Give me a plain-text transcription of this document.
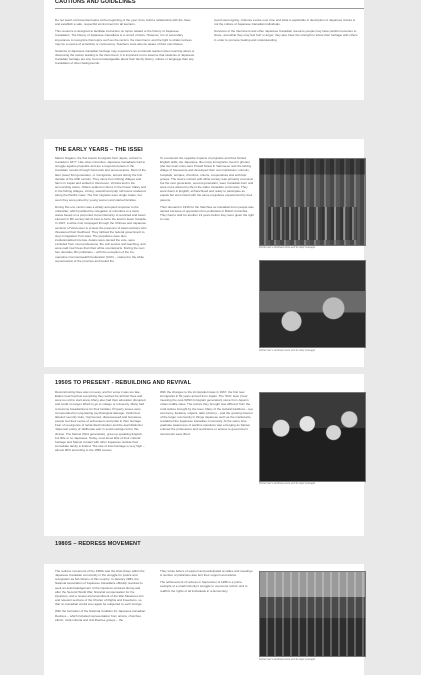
CAUTIONS AND GUIDELINES

Do not teach controversial topics at the beginning of the year. First, build a relationship with the class and establish a safe, respectful environment for all learners.

This resource is designed to facilitate instruction on topics related to the history of Japanese Canadians. The history of Japanese Canadians is a record of facts. However, it is of secondary importance to recognize that topics such as the racism, the internment, and the fight to obtain redress may be a source of sensitivity or controversy. Teachers must also be aware of their own biases.

Students of Japanese Canadian heritage may experience an emotional reaction when learning about or discussing the racism leading to the internment. It is important not to assume that students of Japanese Canadian heritage are any more knowledgeable about their family history, culture or language than any Canadians of other backgrounds.

Avoid stereotyping. Cultures evolve over time and what is applicable in description of Japanese culture is not the culture of Japanese Canadian individuals.

Survivors of the internment and other Japanese Canadian resource people may have painful memories to share, and while they may feel hurt or anger, they also have the strength to share their heritage with others in order to promote healing and understanding.

THE EARLY YEARS – THE ISSEI

Manzo Nagano, the first known immigrant from Japan, arrived in Canada in 1877. Like other minorities, Japanese Canadians had to struggle against prejudice and are a respected place in the Canadian mosaic through hard work and perseverance. Most of the later (issei) first generation, or immigrants, arrived during the first decade of the 20th century. They came from fishing villages and farms in Japan and settled in Vancouver, Victoria and in the surrounding towns. Others settled on farms in the Fraser Valley and in the fishing villages, mining, sawmill and pulp mill towns scattered along the Pacific coast. The first migrants were single males, but soon they were joined by young women and started families.

During this era, racism was a widely accepted response to the unfamiliar, which justified the relegation of minorities to a lower status based on a purported moral inferiority. A restricted and Asian element in BC society did its best to force the lead to leave Canada. In 1907, a white mob rampaged through the Chinese and Japanese sections of Vancouver to protest the presence of Asian workers who threatened their livelihood. They lobbied the federal government to stop immigration from Asia. The prejudices were also institutionalized into law. Asians were denied the vote, were excluded from most professions, the civil service and teaching, and were paid much less than their white counterparts. During the next four decades, BC politicians – with the exception of the Co-operative Commonwealth Federation (CCF) – catered to the white supremacists of the province and fueled the

To counteract the negative impacts of prejudice and their limited English skills, the Japanese, like many immigrants, lived in ghettos (the two main ones were Powell Street in Vancouver and the fishing village of Steveston) and developed their own institutions: schools, hospitals, temples, churches, unions, cooperatives and self-help groups. The Issei's contact with white society was primarily economic but the next generation, second generation, were Canadian-born and were more attuned to life in the wider Canadian community. They were fluent in English, enfranchised and ready to participate as equals but were faced with the same prejudices experienced by their parents.

Their demand in 1936 for the franchise as Canadian-born people was denied because of opposition from politicians in British Columbia. They had to wait for another 13 years before they were given the right to vote.

Fisherman's Hubbard store and its dept manager
Fisherman's Hubbard store and its dept manager
1950S TO PRESENT - REBUILDING AND REVIVAL

Reconstructing lives was not easy, and for some it was too late. Elders near had lost everything they worked for all their lives and were too old to start anew. Many also had their education disrupted and could no longer afford to go to college or university. Many had to become breadwinners for their families. Property losses were compounded by long-lasting psychological damage. Victimized, labeled 'security risks,' imprisoned, dispossessed and homeless, people lost their sense of self-esteem and pride in their heritage. Fear of resurgence of racial discrimination and the assimilationist 'dispersal' policy of 'deliberate ads' in social settings led to this shame. The Sansei (third generation), grew up speaking English, but little or no Japanese. Today, most know little of their cultural heritage and Sansei contact with other Japanese outside their immediate family is limited. The rate of intermarriage is very high – almost 90% according to the 1996 census.

With the changes to the immigration laws in 1967, the first new immigrants in 50 years arrived from Japan. The 'Shin' Issei ('new' meaning the post-WWII immigrant generation) came from Japan's urban middle class. The culture they brought was different from the rural culture brought by the Issei. Many of the cultural traditions – tea ceremony, ikebana, origami, taiko (drums) – and the growing interest of the larger community in things Japanese such as the martial arts, revitalized the Japanese Canadian community. At the same time, graduate awareness of wartime injustices was emerging as Sansei entered the professions and restrictions or access to government documents were lifted.

Fisherman's Hubbard store and its dept manager
1980S – REDRESS MOVEMENT

The redress movement of the 1980s was the final phase within the Japanese Canadian community in the struggle for justice and recognition as full citizens of this country. In January 1984, the National Association of Japanese Canadians officially resolved to seek an acknowledgement of the injustices endured during and after the Second World War, financial compensation for the injustices, and a review and amendment of the War Measures Act and relevant sections of the Charter of Rights and Freedoms, so that no Canadian would ever again be subjected to such wrongs.

With the formation of the National Coalition for Japanese Canadian Redress – which included representation from unions, churches, ethnic, multi-cultural and civil liberties groups – the

They wrote letters of support and participated at rallies and meetings. A number of politicians also lent their support and advice.

The achievement of redress in September of 1988 is a prime example of a small minority's struggle to overcome racism and to reaffirm the rights of all individuals in a democracy.

Fisherman's Hubbard store and its dept manager
